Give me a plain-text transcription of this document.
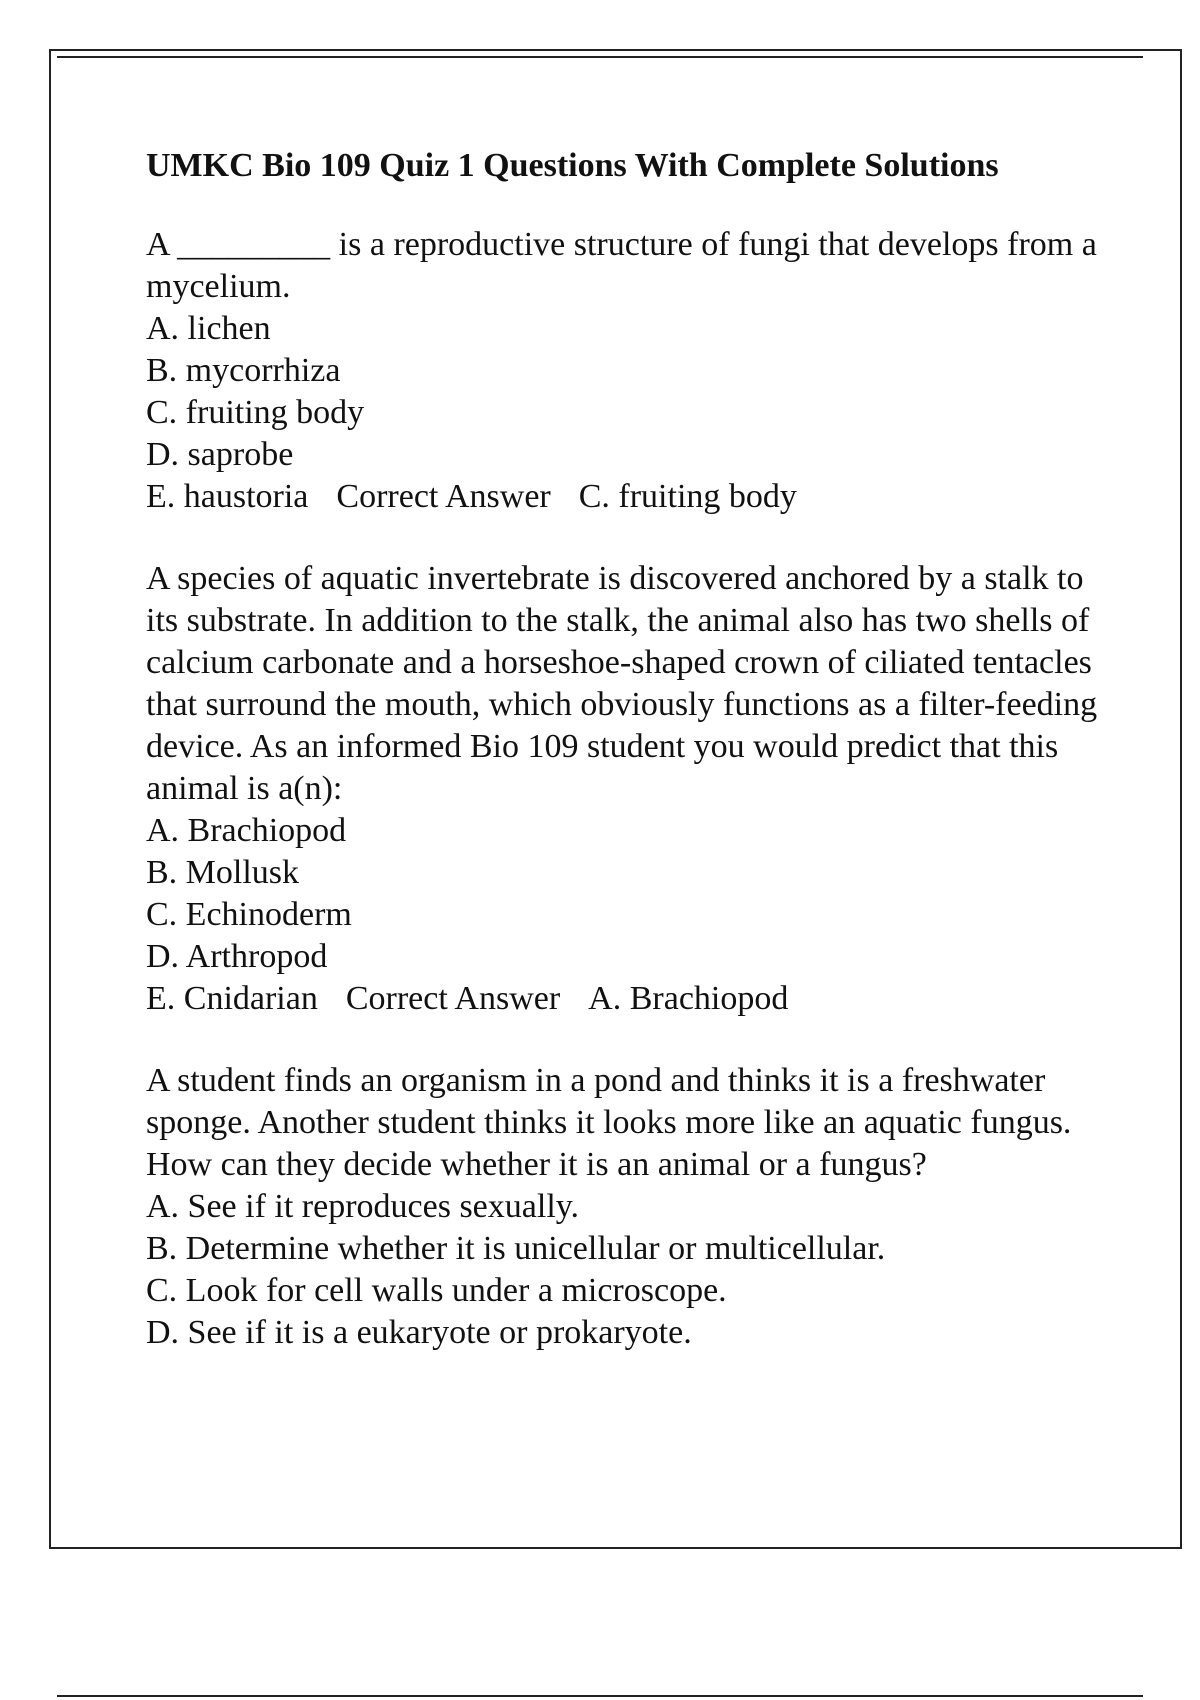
UMKC Bio 109 Quiz 1 Questions With Complete Solutions

A _________ is a reproductive structure of fungi that develops from a mycelium.

A. lichen

B. mycorrhiza

C. fruiting body

D. saprobe

E. haustoria Correct Answer C. fruiting body

A species of aquatic invertebrate is discovered anchored by a stalk to its substrate. In addition to the stalk, the animal also has two shells of calcium carbonate and a horseshoe-shaped crown of ciliated tentacles that surround the mouth, which obviously functions as a filter-feeding device. As an informed Bio 109 student you would predict that this animal is a(n):

A. Brachiopod

B. Mollusk

C. Echinoderm

D. Arthropod

E. Cnidarian Correct Answer A. Brachiopod

A student finds an organism in a pond and thinks it is a freshwater sponge. Another student thinks it looks more like an aquatic fungus. How can they decide whether it is an animal or a fungus?

A. See if it reproduces sexually.

B. Determine whether it is unicellular or multicellular.

C. Look for cell walls under a microscope.

D. See if it is a eukaryote or prokaryote.
